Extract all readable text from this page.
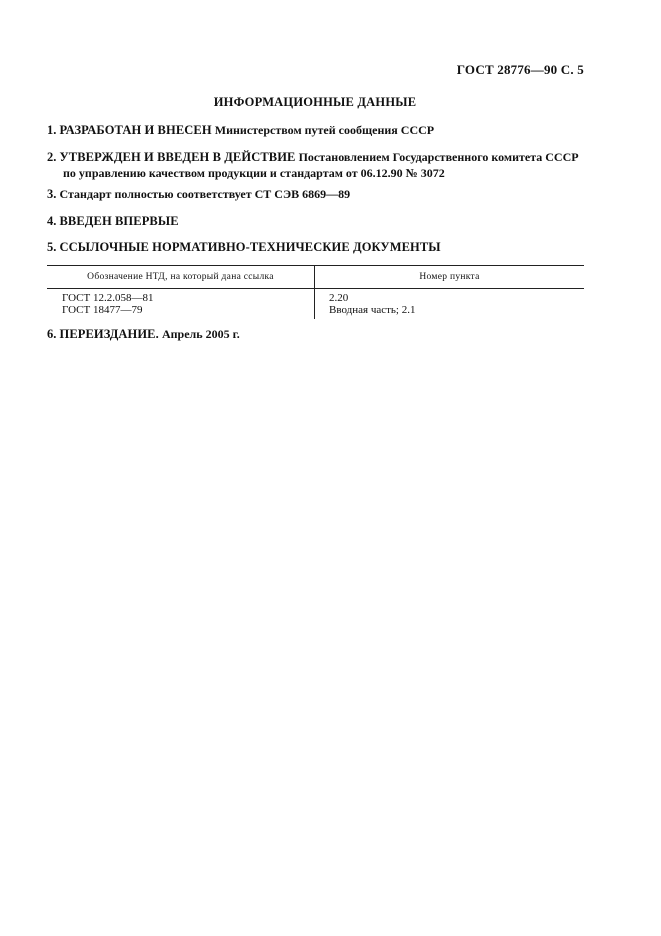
ГОСТ 28776—90 С. 5
ИНФОРМАЦИОННЫЕ ДАННЫЕ
1. РАЗРАБОТАН И ВНЕСЕН Министерством путей сообщения СССР
2. УТВЕРЖДЕН И ВВЕДЕН В ДЕЙСТВИЕ Постановлением Государственного комитета СССР по управлению качеством продукции и стандартам от 06.12.90 № 3072
3. Стандарт полностью соответствует СТ СЭВ 6869—89
4. ВВЕДЕН ВПЕРВЫЕ
5. ССЫЛОЧНЫЕ НОРМАТИВНО-ТЕХНИЧЕСКИЕ ДОКУМЕНТЫ
Обозначение НТД, на который дана ссылка	Номер пункта
ГОСТ 12.2.058—81	2.20
ГОСТ 18477—79	Вводная часть; 2.1
6. ПЕРЕИЗДАНИЕ. Апрель 2005 г.
